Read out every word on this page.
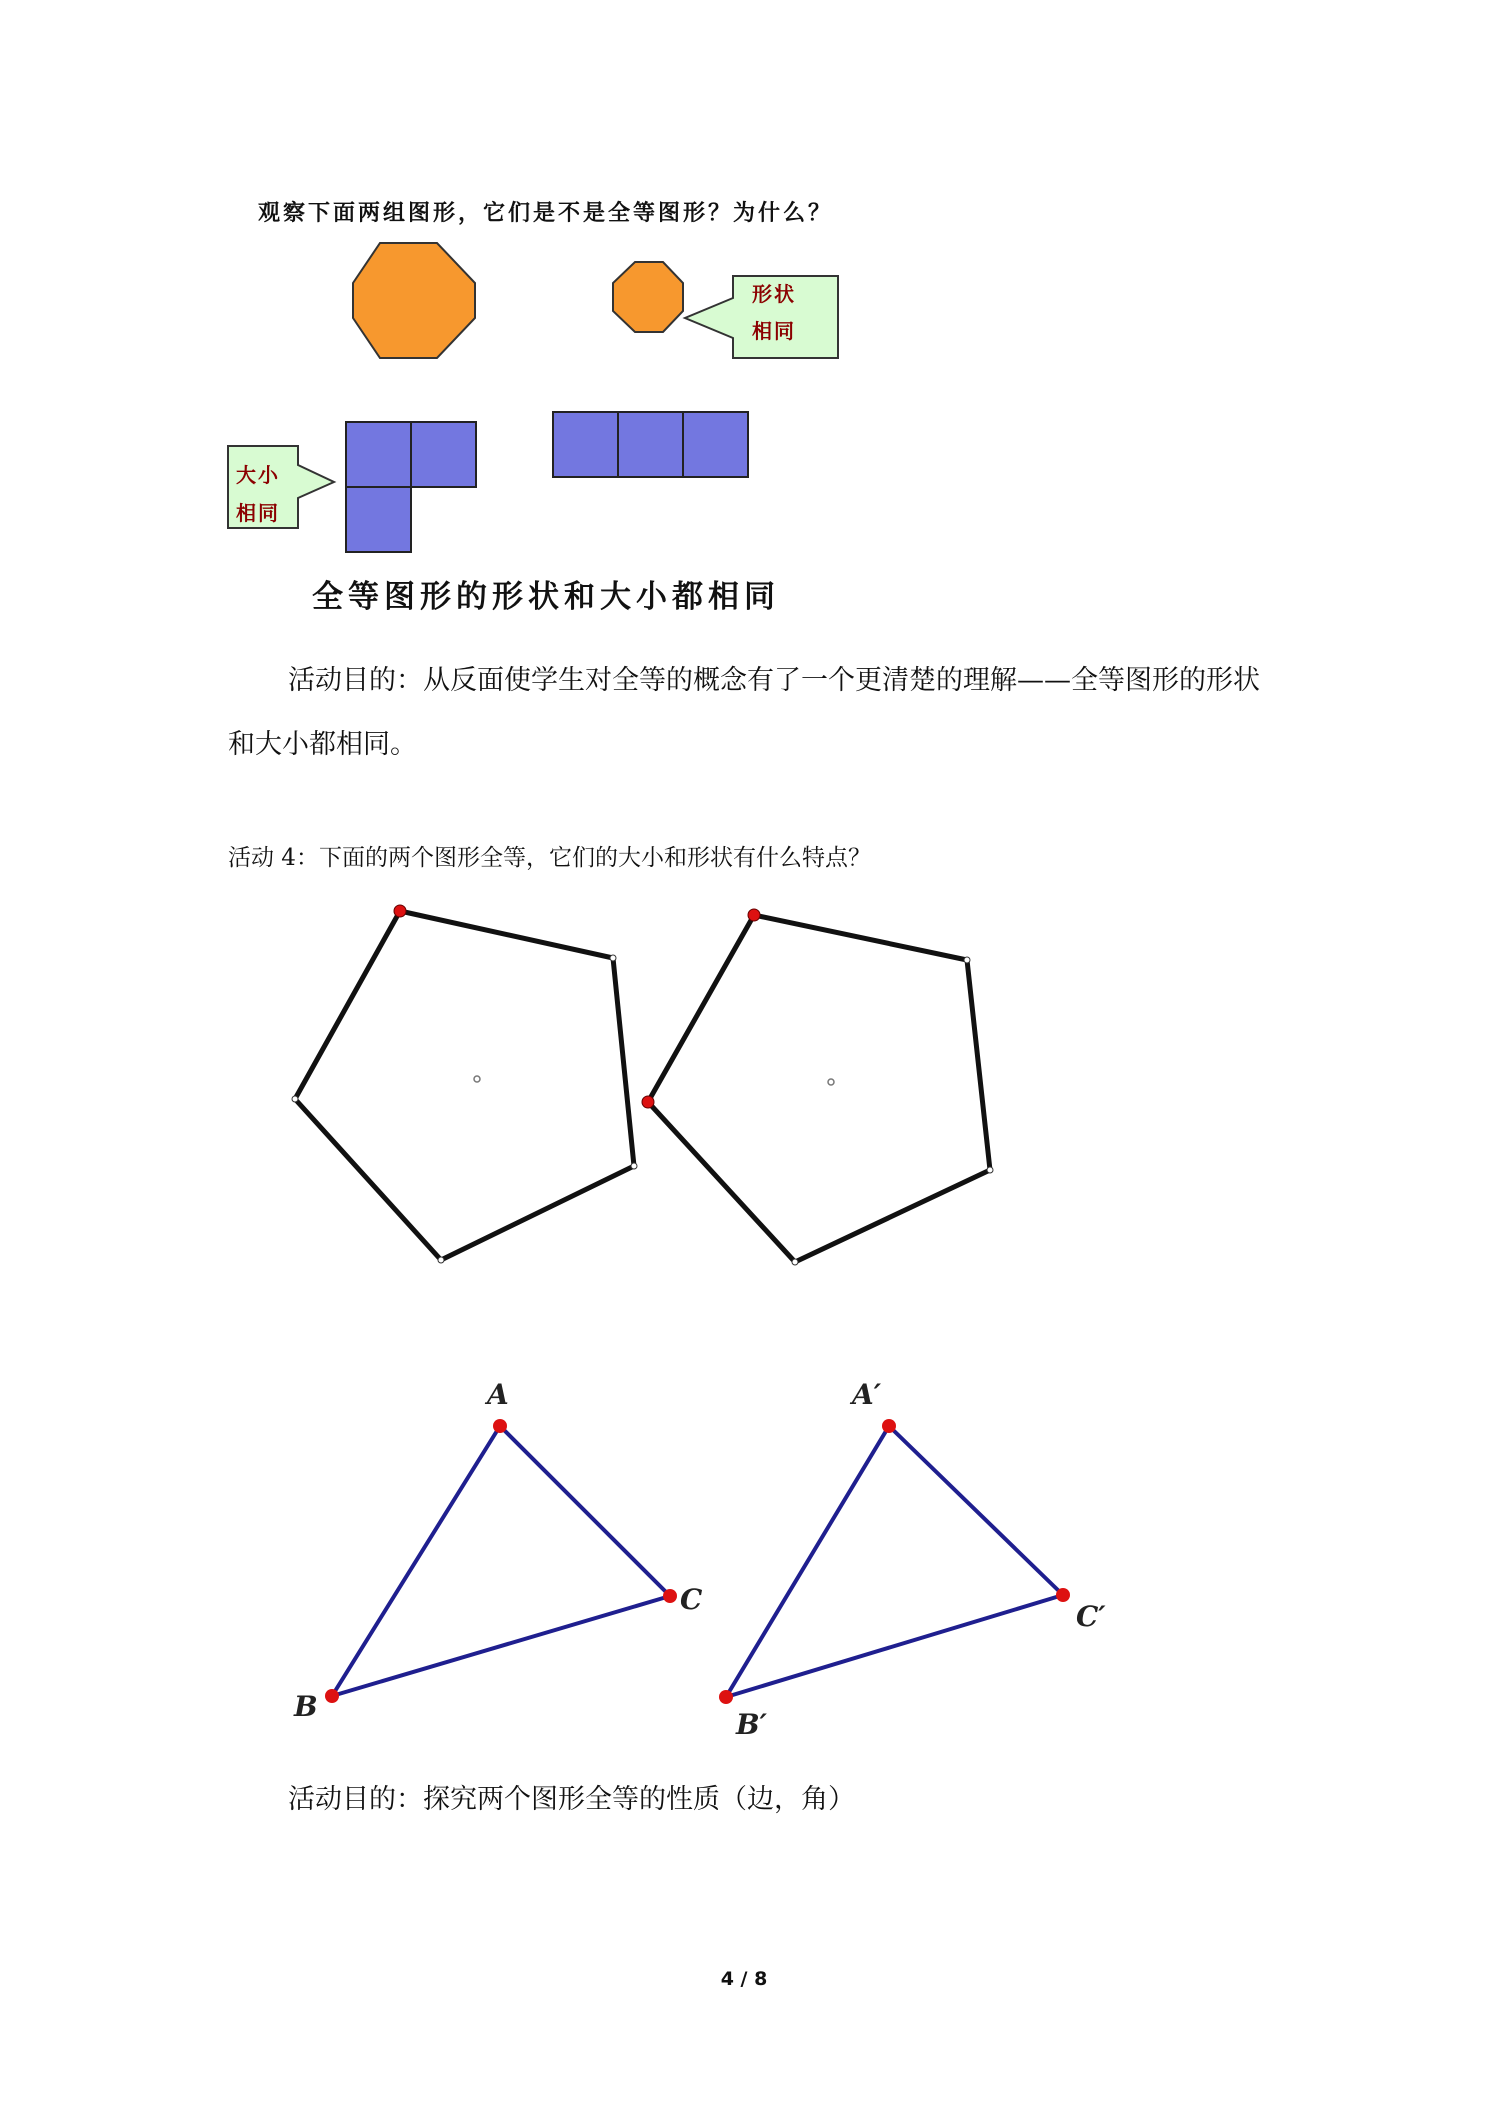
观察下面两组图形，它们是不是全等图形？为什么？
形状
相同
大小
相同
全等图形的形状和大小都相同
活动目的：从反面使学生对全等的概念有了一个更清楚的理解——全等图形的形状和大小都相同。
活动 4：下面的两个图形全等，它们的大小和形状有什么特点？
A
C
B
A′
C′
B′
活动目的：探究两个图形全等的性质（边，角）
4 / 8
